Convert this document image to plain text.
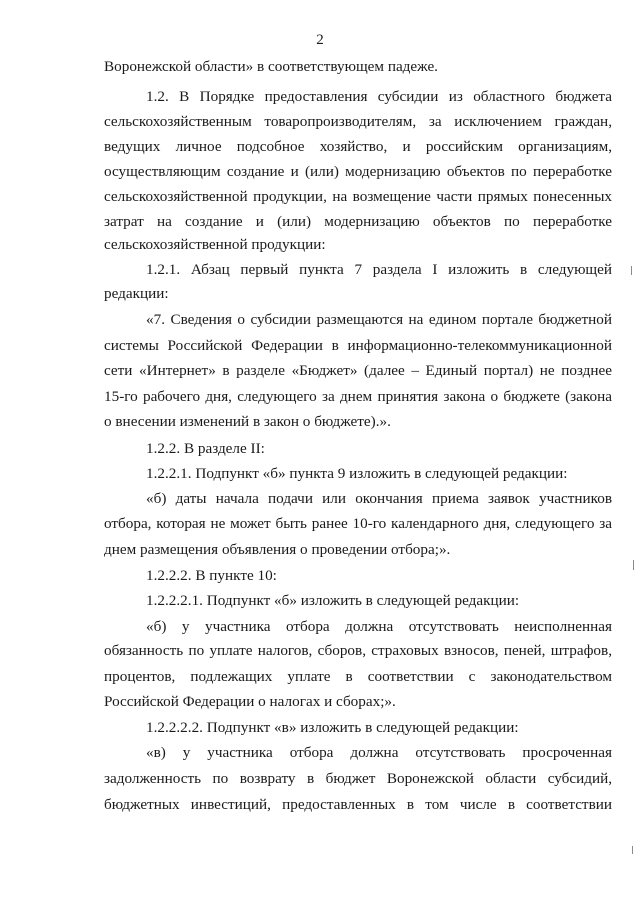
2
Воронежской области» в соответствующем падеже.
1.2. В Порядке предоставления субсидии из областного бюджета
сельскохозяйственным товаропроизводителям, за исключением граждан,
ведущих личное подсобное хозяйство, и российским организациям,
осуществляющим создание и (или) модернизацию объектов по переработке
сельскохозяйственной продукции, на возмещение части прямых понесенных
затрат на создание и (или) модернизацию объектов по переработке
сельскохозяйственной продукции:
1.2.1. Абзац первый пункта 7 раздела I изложить в следующей
редакции:
«7. Сведения о субсидии размещаются на едином портале бюджетной
системы Российской Федерации в информационно-телекоммуникационной
сети «Интернет» в разделе «Бюджет» (далее – Единый портал) не позднее
15-го рабочего дня, следующего за днем принятия закона о бюджете (закона
о внесении изменений в закон о бюджете).».
1.2.2. В разделе II:
1.2.2.1. Подпункт «б» пункта 9 изложить в следующей редакции:
«б) даты начала подачи или окончания приема заявок участников
отбора, которая не может быть ранее 10-го календарного дня, следующего за
днем размещения объявления о проведении отбора;».
1.2.2.2. В пункте 10:
1.2.2.2.1. Подпункт «б» изложить в следующей редакции:
«б) у участника отбора должна отсутствовать неисполненная
обязанность по уплате налогов, сборов, страховых взносов, пеней, штрафов,
процентов, подлежащих уплате в соответствии с законодательством
Российской Федерации о налогах и сборах;».
1.2.2.2.2. Подпункт «в» изложить в следующей редакции:
«в) у участника отбора должна отсутствовать просроченная
задолженность по возврату в бюджет Воронежской области субсидий,
бюджетных инвестиций, предоставленных в том числе в соответствии
